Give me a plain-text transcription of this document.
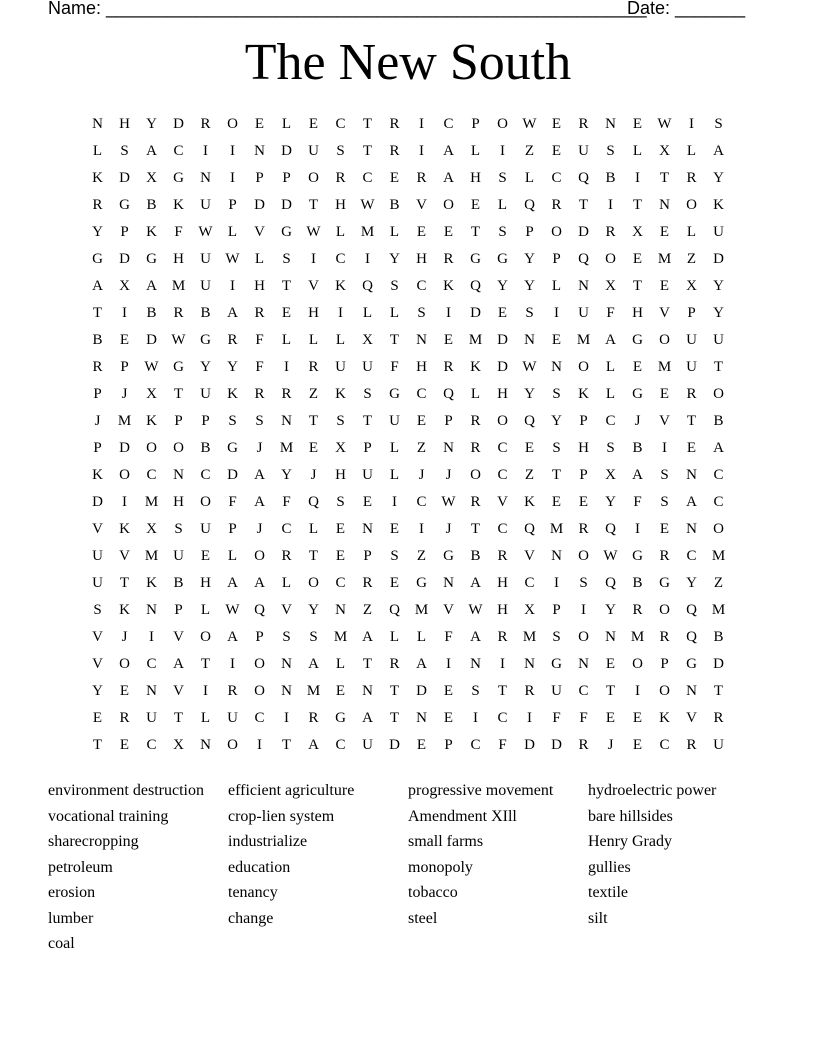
Name: ______________________________________________________
Date: _______
The New South
N	H	Y	D	R	O	E	L	E	C	T	R	I	C	P	O W	E	R	N	E	W	I	S
L	S	A	C	I	I	N	D	U	S	T	R	I	A	L	I	Z	E	U	S	L	X	L	A
K	D	X	G	N	I	P	P	O	R	C	E	R	A	H	S	L	C	Q	B	I	T	R	Y
R	G	B	K	U	P	D	D	T	H W B	V	O	E	L	Q	R	T	I	T	N	O	K
Y	P	K	F	W	L	V	G W	L	M	L	E	E	T	S	P	O	D	R	X	E	L	U
G	D	G	H	U W	L	S	I	C	I	Y	H	R	G	G	Y	P	Q	O	E	M	Z	D
A	X	A M U	I	H	T	V	K	Q	S	C	K	Q	Y	Y	L	N	X	T	E	X	Y
T	I	B	R	B	A	R	E	H	I	L	L	S	I	D	E	S	I	U	F	H	V	P	Y
B	E	D W G	R	F	L	L	L	X	T	N	E	M D	N	E	M A	G	O	U	U
R	P	W G	Y	Y	F	I	R	U	U	F	H	R	K	D W N	O	L	E	M U	T
P	J	X	T	U	K	R	R	Z	K	S	G	C	Q	L	H	Y	S	K	L	G	E	R	O
J	M K	P	P	S	S	N	T	S	T	U	E	P	R	O	Q	Y	P	C	J	V	T	B
P	D	O	O	B	G	J	M	E	X	P	L	Z	N	R	C	E	S	H	S	B	I	E	A
K	O	C	N	C	D	A	Y	J	H	U	L	J	J	O	C	Z	T	P	X	A	S	N	C
D	I	M H	O	F	A	F	Q	S	E	I	C W R	V	K	E	E	Y	F	S	A	C
V	K	X	S	U	P	J	C	L	E	N	E	I	J	T	C	Q M	R	Q	I	E	N	O
U	V M U	E	L	O	R	T	E	P	S	Z	G	B	R	V	N	O W G	R	C	M
U	T	K	B	H	A	A	L	O	C	R	E	G	N	A	H	C	I	S	Q	B	G	Y	Z
S	K	N	P	L	W Q	V	Y	N	Z	Q M V W H	X	P	I	Y	R	O	Q M
V	J	I	V	O	A	P	S	S	M A	L	L	F	A	R	M	S	O	N M	R	Q	B
V	O	C	A	T	I	O	N	A	L	T	R	A	I	N	I	N	G	N	E	O	P	G	D
Y	E	N	V	I	R	O	N M	E	N	T	D	E	S	T	R	U	C	T	I	O	N	T
E	R	U	T	L	U	C	I	R	G	A	T	N	E	I	C	I	F	F	E	E	K	V	R
T	E	C	X	N	O	I	T	A	C	U	D	E	P	C	F	D	D	R	J	E	C	R	U
environment destruction
vocational training
sharecropping
petroleum
erosion
lumber
coal
efficient agriculture
crop-lien system
industrialize
education
tenancy
change
progressive movement
Amendment XIll
small farms
monopoly
tobacco
steel
hydroelectric power
bare hillsides
Henry Grady
gullies
textile
silt
